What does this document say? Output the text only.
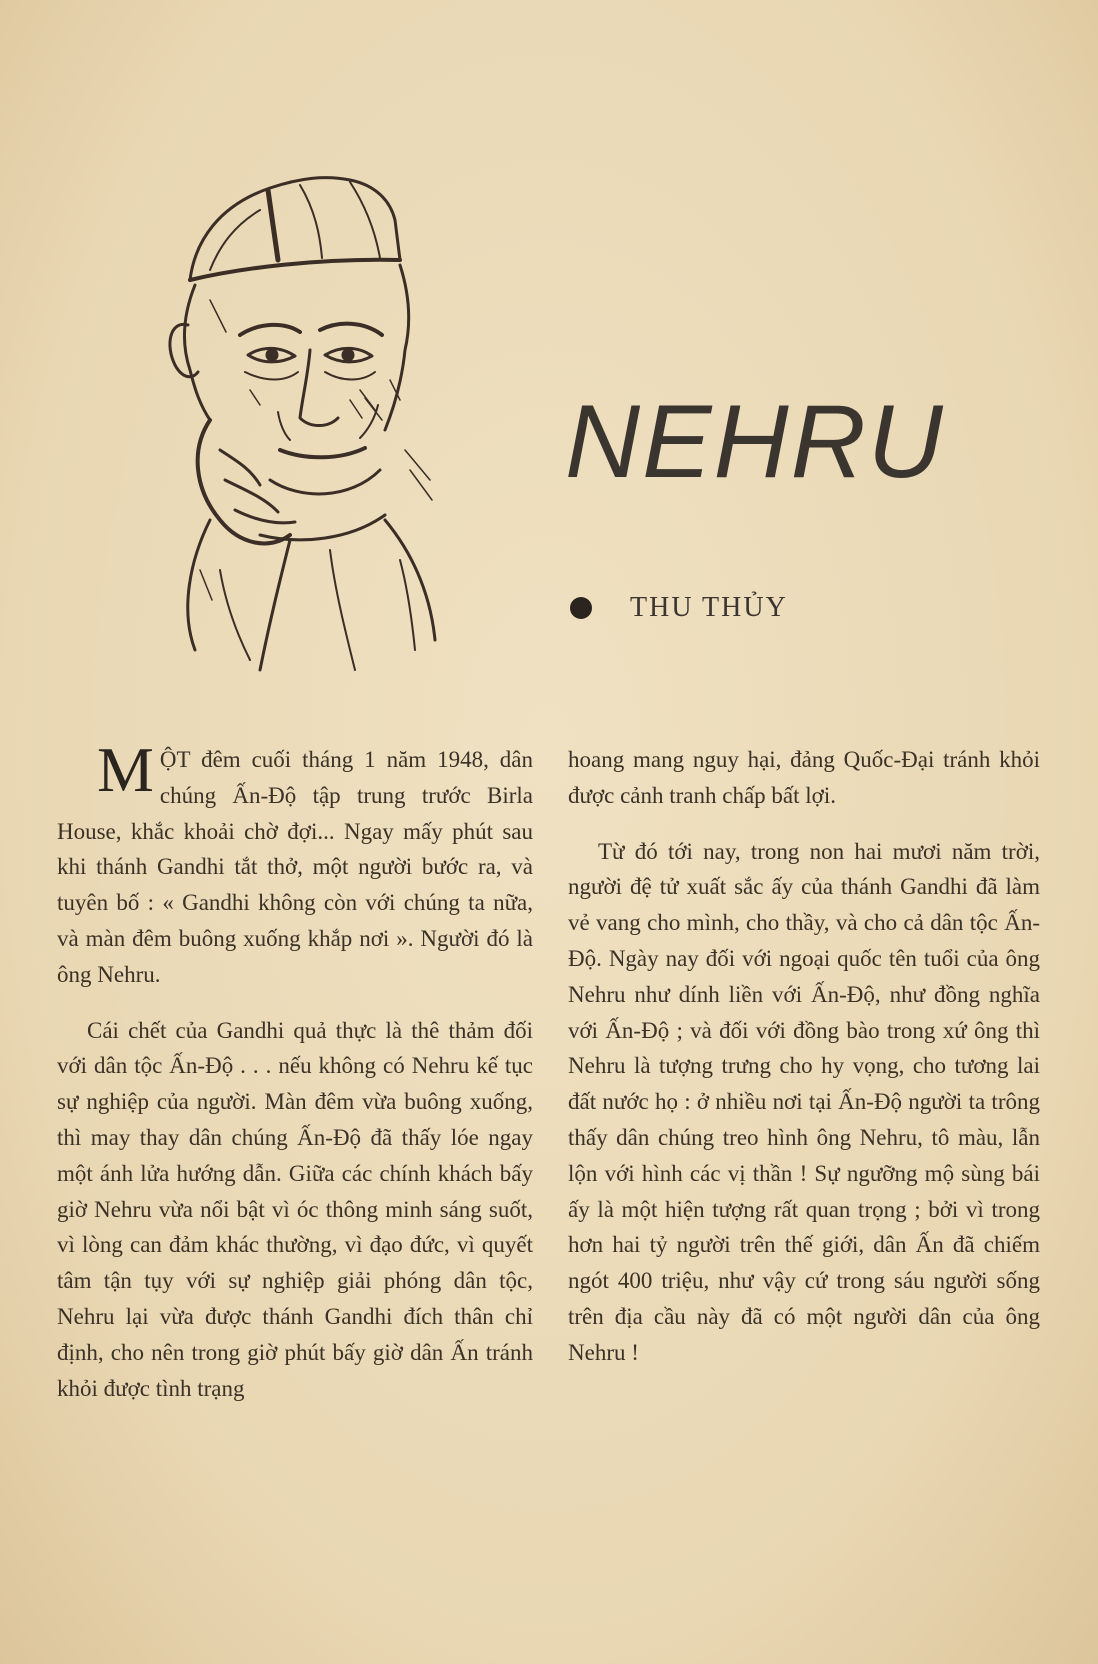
NEHRU
THU THỦY

MỘT đêm cuối tháng 1 năm 1948, dân chúng Ấn-Độ tập trung trước Birla House, khắc khoải chờ đợi... Ngay mấy phút sau khi thánh Gandhi tắt thở, một người bước ra, và tuyên bố : « Gandhi không còn với chúng ta nữa, và màn đêm buông xuống khắp nơi ». Người đó là ông Nehru.

Cái chết của Gandhi quả thực là thê thảm đối với dân tộc Ấn-Độ . . . nếu không có Nehru kế tục sự nghiệp của người. Màn đêm vừa buông xuống, thì may thay dân chúng Ấn-Độ đã thấy lóe ngay một ánh lửa hướng dẫn. Giữa các chính khách bấy giờ Nehru vừa nổi bật vì óc thông minh sáng suốt, vì lòng can đảm khác thường, vì đạo đức, vì quyết tâm tận tụy với sự nghiệp giải phóng dân tộc, Nehru lại vừa được thánh Gandhi đích thân chỉ định, cho nên trong giờ phút bấy giờ dân Ấn tránh khỏi được tình trạng

hoang mang nguy hại, đảng Quốc-Đại tránh khỏi được cảnh tranh chấp bất lợi.

Từ đó tới nay, trong non hai mươi năm trời, người đệ tử xuất sắc ấy của thánh Gandhi đã làm vẻ vang cho mình, cho thầy, và cho cả dân tộc Ấn-Độ. Ngày nay đối với ngoại quốc tên tuổi của ông Nehru như dính liền với Ấn-Độ, như đồng nghĩa với Ấn-Độ ; và đối với đồng bào trong xứ ông thì Nehru là tượng trưng cho hy vọng, cho tương lai đất nước họ : ở nhiều nơi tại Ấn-Độ người ta trông thấy dân chúng treo hình ông Nehru, tô màu, lẫn lộn với hình các vị thần ! Sự ngưỡng mộ sùng bái ấy là một hiện tượng rất quan trọng ; bởi vì trong hơn hai tỷ người trên thế giới, dân Ấn đã chiếm ngót 400 triệu, như vậy cứ trong sáu người sống trên địa cầu này đã có một người dân của ông Nehru !
